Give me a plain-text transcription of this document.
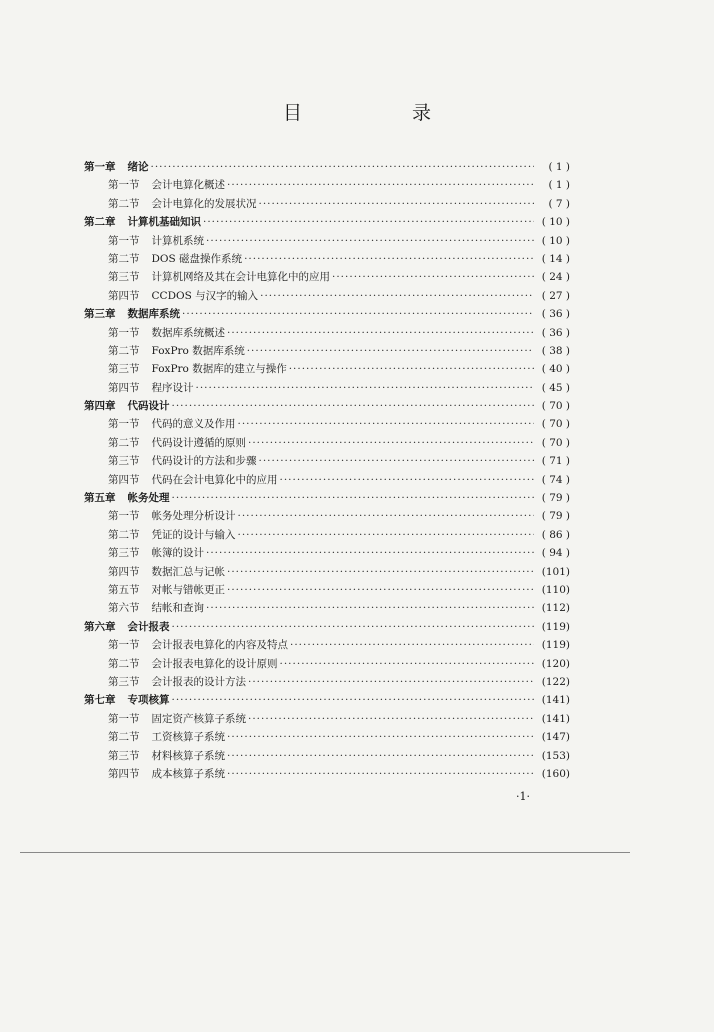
目 录
第一章 绪论 ·····	( 1 )
第一节 会计电算化概述 ·····	( 1 )
第二节 会计电算化的发展状况 ·····	( 7 )
第二章 计算机基础知识 ·····	( 10 )
第一节 计算机系统 ·····	( 10 )
第二节 DOS 磁盘操作系统 ·····	( 14 )
第三节 计算机网络及其在会计电算化中的应用 ·····	( 24 )
第四节 CCDOS 与汉字的输入 ·····	( 27 )
第三章 数据库系统 ·····	( 36 )
第一节 数据库系统概述 ·····	( 36 )
第二节 FoxPro 数据库系统 ·····	( 38 )
第三节 FoxPro 数据库的建立与操作 ·····	( 40 )
第四节 程序设计 ·····	( 45 )
第四章 代码设计 ·····	( 70 )
第一节 代码的意义及作用 ·····	( 70 )
第二节 代码设计遵循的原则 ·····	( 70 )
第三节 代码设计的方法和步骤 ·····	( 71 )
第四节 代码在会计电算化中的应用 ·····	( 74 )
第五章 帐务处理 ·····	( 79 )
第一节 帐务处理分析设计 ·····	( 79 )
第二节 凭证的设计与输入 ·····	( 86 )
第三节 帐簿的设计 ·····	( 94 )
第四节 数据汇总与记帐 ·····	(101)
第五节 对帐与错帐更正 ·····	(110)
第六节 结帐和查询 ·····	(112)
第六章 会计报表 ·····	(119)
第一节 会计报表电算化的内容及特点 ·····	(119)
第二节 会计报表电算化的设计原则 ·····	(120)
第三节 会计报表的设计方法 ·····	(122)
第七章 专项核算 ·····	(141)
第一节 固定资产核算子系统 ·····	(141)
第二节 工资核算子系统 ·····	(147)
第三节 材料核算子系统 ·····	(153)
第四节 成本核算子系统 ·····	(160)
·1·
